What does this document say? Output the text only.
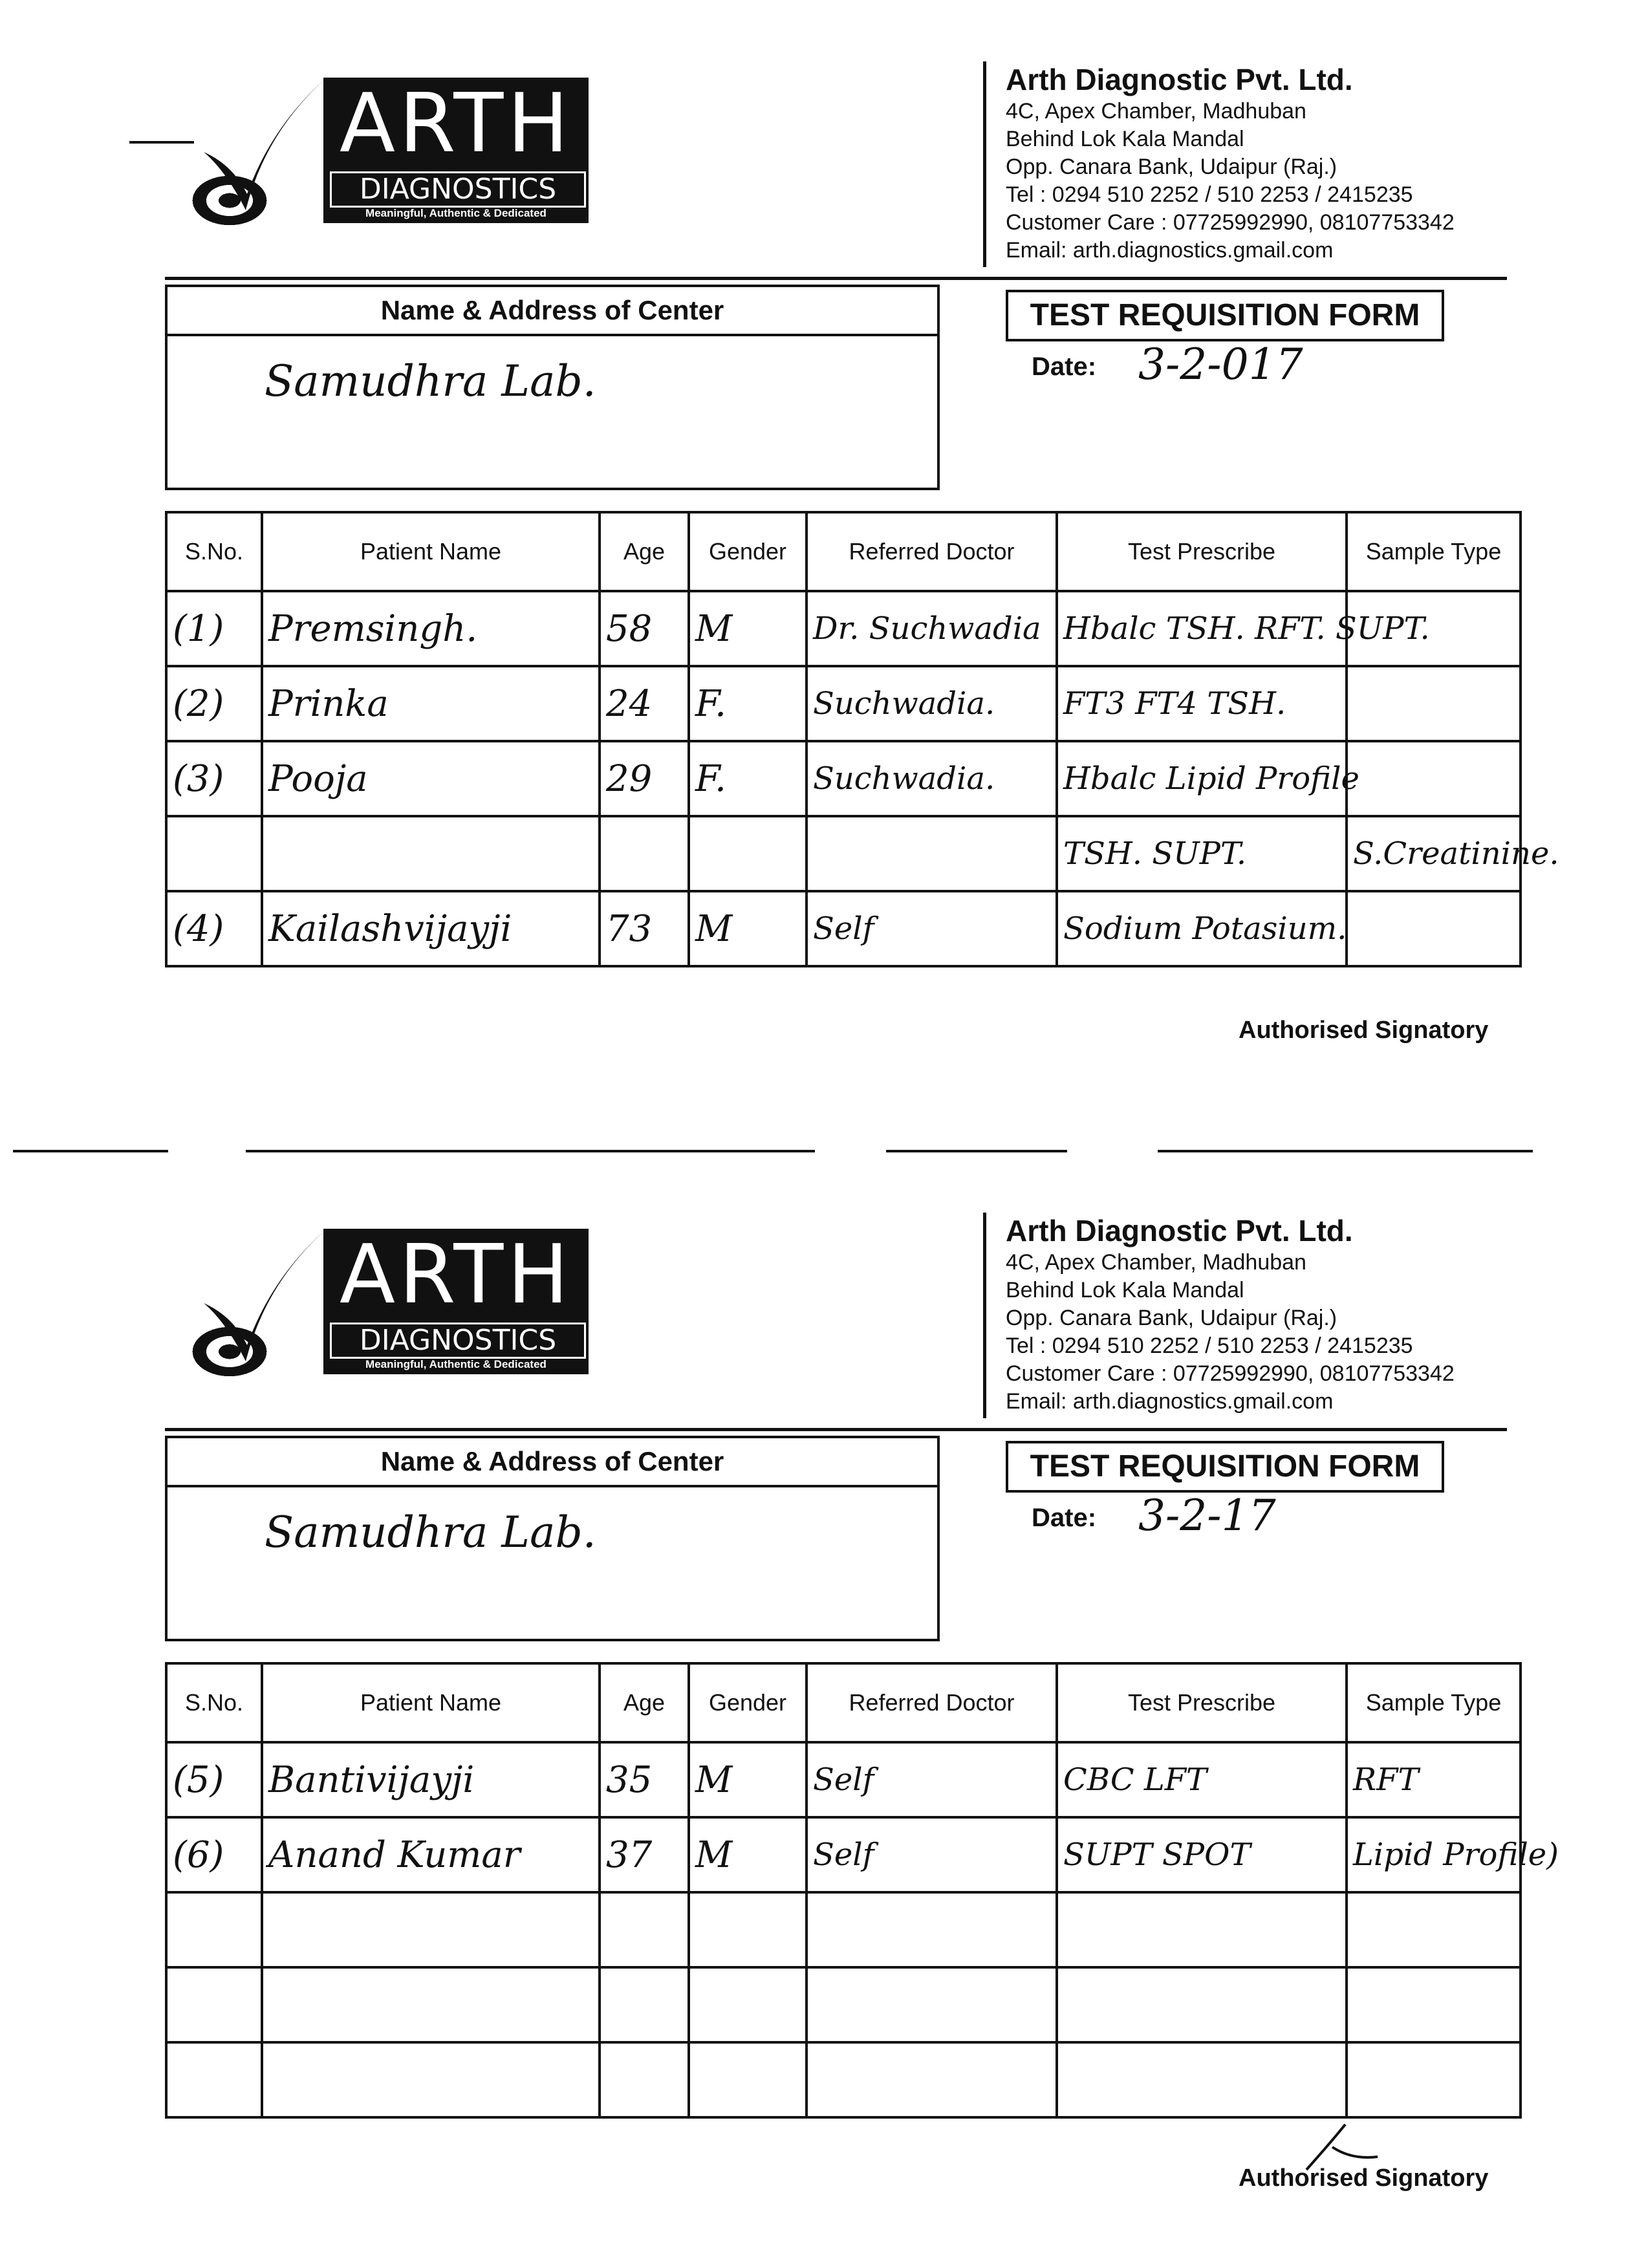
ARTH
DIAGNOSTICS
Meaningful, Authentic & Dedicated
Arth Diagnostic Pvt. Ltd.
4C, Apex Chamber, Madhuban
Behind Lok Kala Mandal
Opp. Canara Bank, Udaipur (Raj.)
Tel : 0294 510 2252 / 510 2253 / 2415235
Customer Care : 07725992990, 08107753342
Email: arth.diagnostics.gmail.com
Name & Address of Center
Samudhra Lab.
TEST REQUISITION FORM
Date: 3-2-017
S.No.	Patient Name	Age	Gender	Referred Doctor	Test Prescribe	Sample Type
(1)	Premsingh.	58	M	Dr. Suchwadia	Hbalc TSH. RFT. SUPT.	
(2)	Prinka	24	F.	Suchwadia.	FT3 FT4 TSH.	
(3)	Pooja	29	F.	Suchwadia.	Hbalc Lipid Profile	
					TSH. SUPT.	S.Creatinine.
(4)	Kailashvijayji	73	M	Self	Sodium Potasium.	
Authorised Signatory
ARTH
DIAGNOSTICS
Meaningful, Authentic & Dedicated
Arth Diagnostic Pvt. Ltd.
4C, Apex Chamber, Madhuban
Behind Lok Kala Mandal
Opp. Canara Bank, Udaipur (Raj.)
Tel : 0294 510 2252 / 510 2253 / 2415235
Customer Care : 07725992990, 08107753342
Email: arth.diagnostics.gmail.com
Name & Address of Center
Samudhra Lab.
TEST REQUISITION FORM
Date: 3-2-17
S.No.	Patient Name	Age	Gender	Referred Doctor	Test Prescribe	Sample Type
(5)	Bantivijayji	35	M	Self	CBC LFT	RFT
(6)	Anand Kumar	37	M	Self	SUPT SPOT	Lipid Profile)

Authorised Signatory
